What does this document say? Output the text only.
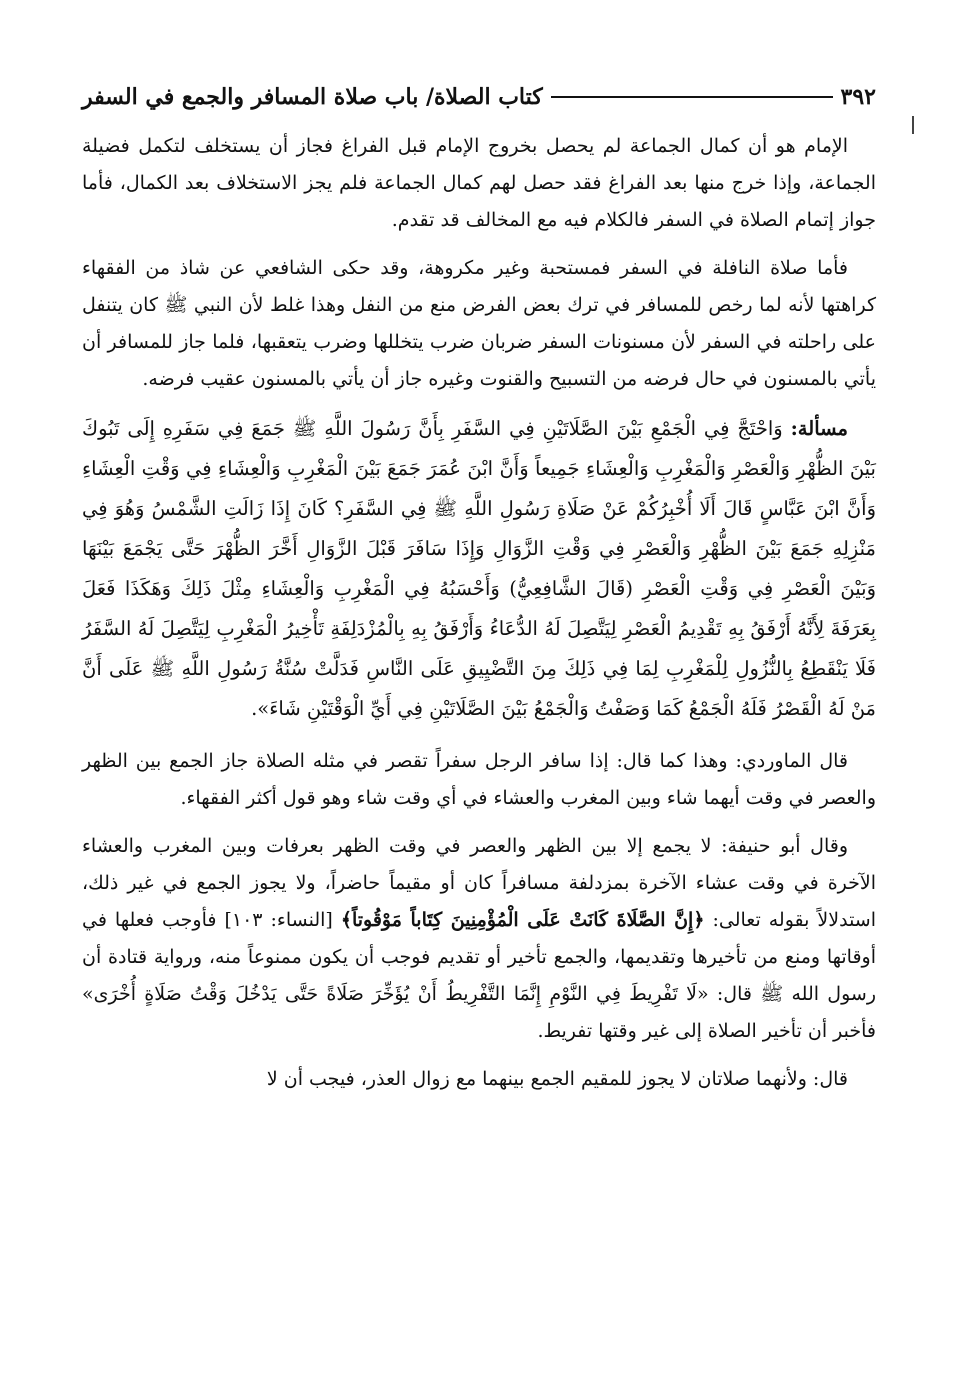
٣٩٢
كتاب الصلاة/ باب صلاة المسافر والجمع في السفر

الإمام هو أن كمال الجماعة لم يحصل بخروج الإمام قبل الفراغ فجاز أن يستخلف لتكمل فضيلة الجماعة، وإذا خرج منها بعد الفراغ فقد حصل لهم كمال الجماعة فلم يجز الاستخلاف بعد الكمال، فأما جواز إتمام الصلاة في السفر فالكلام فيه مع المخالف قد تقدم.

فأما صلاة النافلة في السفر فمستحبة وغير مكروهة، وقد حكى الشافعي عن شاذ من الفقهاء كراهتها لأنه لما رخص للمسافر في ترك بعض الفرض منع من النفل وهذا غلط لأن النبي ﷺ كان يتنفل على راحلته في السفر لأن مسنونات السفر ضربان ضرب يتخللها وضرب يتعقبها، فلما جاز للمسافر أن يأتي بالمسنون في حال فرضه من التسبيح والقنوت وغيره جاز أن يأتي بالمسنون عقيب فرضه.

مسألة: وَاحْتَجَّ فِي الْجَمْعِ بَيْنَ الصَّلَاتَيْنِ فِي السَّفَرِ بِأَنَّ رَسُولَ اللَّهِ ﷺ جَمَعَ فِي سَفَرِهِ إِلَى تَبُوكَ بَيْنَ الظُّهْرِ وَالْعَصْرِ وَالْمَغْرِبِ وَالْعِشَاءِ جَمِيعاً وَأَنَّ ابْنَ عُمَرَ جَمَعَ بَيْنَ الْمَغْرِبِ وَالْعِشَاءِ فِي وَقْتِ الْعِشَاءِ وَأَنَّ ابْنَ عَبَّاسٍ قَالَ أَلَا أُخْبِرُكُمْ عَنْ صَلَاةِ رَسُولِ اللَّهِ ﷺ فِي السَّفَرِ؟ كَانَ إِذَا زَالَتِ الشَّمْسُ وَهُوَ فِي مَنْزِلِهِ جَمَعَ بَيْنَ الظُّهْرِ وَالْعَصْرِ فِي وَقْتِ الزَّوَالِ وَإِذَا سَافَرَ قَبْلَ الزَّوَالِ أَخَّرَ الظُّهْرَ حَتَّى يَجْمَعَ بَيْنَهَا وَبَيْنَ الْعَصْرِ فِي وَقْتِ الْعَصْرِ (قَالَ الشَّافِعِيُّ) وَأَحْسَبُهُ فِي الْمَغْرِبِ وَالْعِشَاءِ مِثْلَ ذَلِكَ وَهَكَذَا فَعَلَ بِعَرَفَةَ لِأَنَّهُ أَرْفَقُ بِهِ تَقْدِيمُ الْعَصْرِ لِيَتَّصِلَ لَهُ الدُّعَاءُ وَأَرْفَقُ بِهِ بِالْمُزْدَلِفَةِ تَأْخِيرُ الْمَغْرِبِ لِيَتَّصِلَ لَهُ السَّفَرُ فَلَا يَنْقَطِعُ بِالنُّزُولِ لِلْمَغْرِبِ لِمَا فِي ذَلِكَ مِنَ التَّضْيِيقِ عَلَى النَّاسِ فَدَلَّتْ سُنَّةُ رَسُولِ اللَّهِ ﷺ عَلَى أَنَّ مَنْ لَهُ الْقَصْرُ فَلَهُ الْجَمْعُ كَمَا وَصَفْتُ وَالْجَمْعُ بَيْنَ الصَّلَاتَيْنِ فِي أَيِّ الْوَقْتَيْنِ شَاءَ».

قال الماوردي: وهذا كما قال: إذا سافر الرجل سفراً تقصر في مثله الصلاة جاز الجمع بين الظهر والعصر في وقت أيهما شاء وبين المغرب والعشاء في أي وقت شاء وهو قول أكثر الفقهاء.

وقال أبو حنيفة: لا يجمع إلا بين الظهر والعصر في وقت الظهر بعرفات وبين المغرب والعشاء الآخرة في وقت عشاء الآخرة بمزدلفة مسافراً كان أو مقيماً حاضراً، ولا يجوز الجمع في غير ذلك، استدلالاً بقوله تعالى: ﴿إِنَّ الصَّلَاةَ كَانَتْ عَلَى الْمُؤْمِنِينَ كِتَاباً مَوْقُوتاً﴾ [النساء: ١٠٣] فأوجب فعلها في أوقاتها ومنع من تأخيرها وتقديمها، والجمع تأخير أو تقديم فوجب أن يكون ممنوعاً منه، ورواية قتادة أن رسول الله ﷺ قال: «لَا تَفْرِيطَ فِي النَّوْمِ إِنَّمَا التَّفْرِيطُ أَنْ يُؤَخِّرَ صَلَاةً حَتَّى يَدْخُلَ وَقْتُ صَلَاةٍ أُخْرَى» فأخبر أن تأخير الصلاة إلى غير وقتها تفريط.

قال: ولأنهما صلاتان لا يجوز للمقيم الجمع بينهما مع زوال العذر، فيجب أن لا
